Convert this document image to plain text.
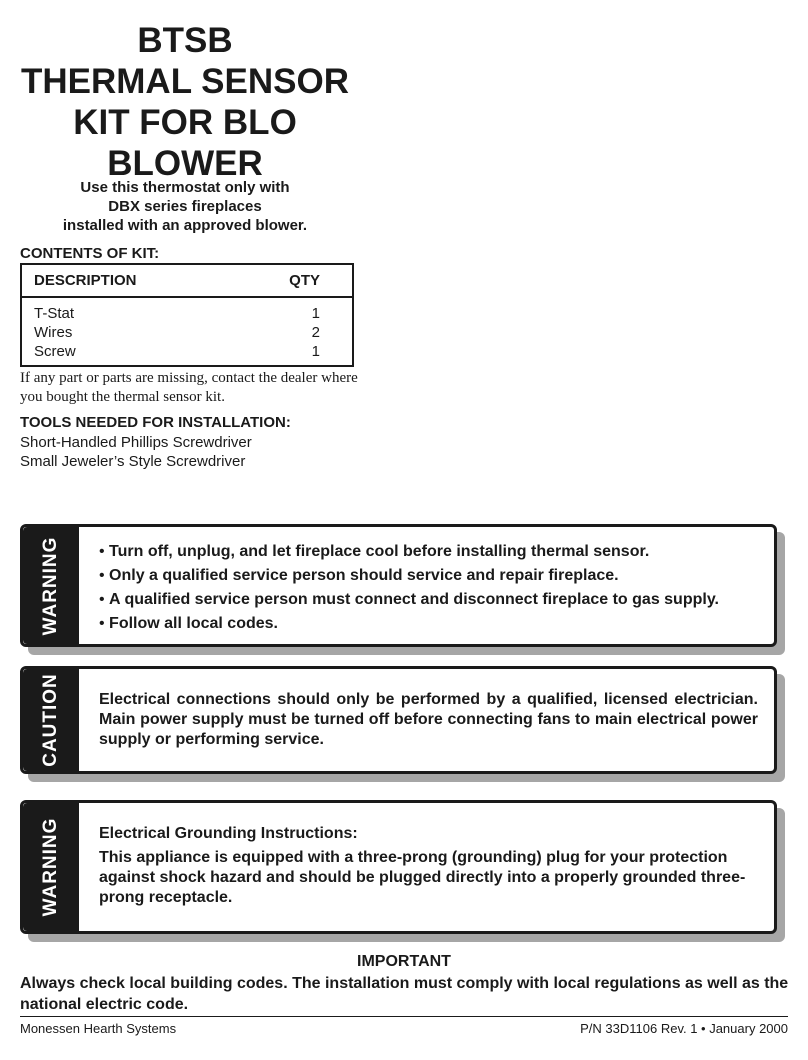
BTSB
THERMAL SENSOR
KIT FOR BLO
BLOWER
Use this thermostat only with
DBX series fireplaces
installed with an approved blower.
CONTENTS OF KIT:
DESCRIPTION	QTY
T-Stat	1
Wires	2
Screw	1
If any part or parts are missing, contact the dealer where you bought the thermal sensor kit.
TOOLS NEEDED FOR INSTALLATION:
Short-Handled Phillips Screwdriver
Small Jeweler’s Style Screwdriver
WARNING	• Turn off, unplug, and let fireplace cool before installing thermal sensor.
• Only a qualified service person should service and repair fireplace.
• A qualified service person must connect and disconnect fireplace to gas supply.
• Follow all local codes.
CAUTION Electrical connections should only be performed by a qualified, licensed electrician. Main power supply must be turned off before connecting fans to main electrical power supply or performing service.
WARNING Electrical Grounding Instructions:
This appliance is equipped with a three-prong (grounding) plug for your protection against shock hazard and should be plugged directly into a properly grounded three-prong receptacle.
IMPORTANT
Always check local building codes. The installation must comply with local regulations as well as the national electric code.
Monessen Hearth Systems	P/N 33D1106 Rev. 1 • January 2000
